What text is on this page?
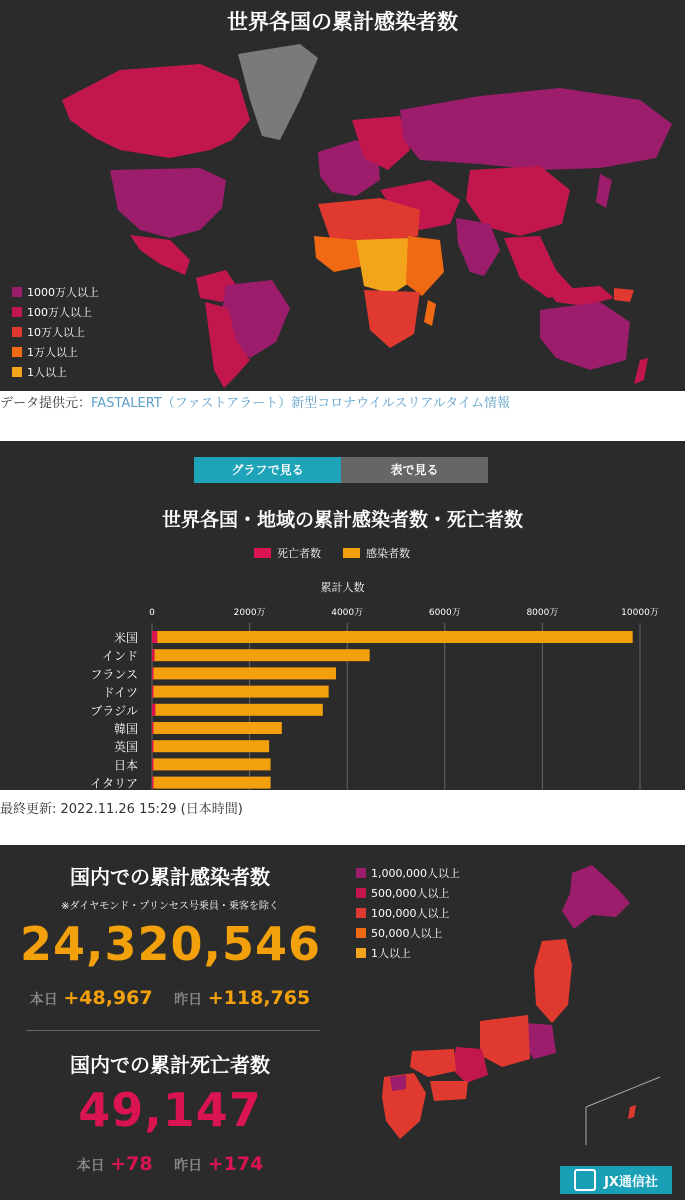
世界各国の累計感染者数
1000万人以上
100万人以上
10万人以上
1万人以上
1人以上
データ提供元：FASTALERT（ファストアラート）新型コロナウイルスリアルタイム情報
グラフで見る	表で見る
世界各国・地域の累計感染者数・死亡者数
死亡者数	感染者数
累計人数
0	2000万	4000万	6000万	8000万	10000万
米国
インド
フランス
ドイツ
ブラジル
韓国
英国
日本
イタリア
最終更新: 2022.11.26 15:29 (日本時間)
国内での累計感染者数
※ダイヤモンド・プリンセス号乗員・乗客を除く
24,320,546
本日 +48,967 昨日 +118,765
国内での累計死亡者数
49,147
本日 +78 昨日 +174
1,000,000人以上
500,000人以上
100,000人以上
50,000人以上
1人以上
JX通信社
